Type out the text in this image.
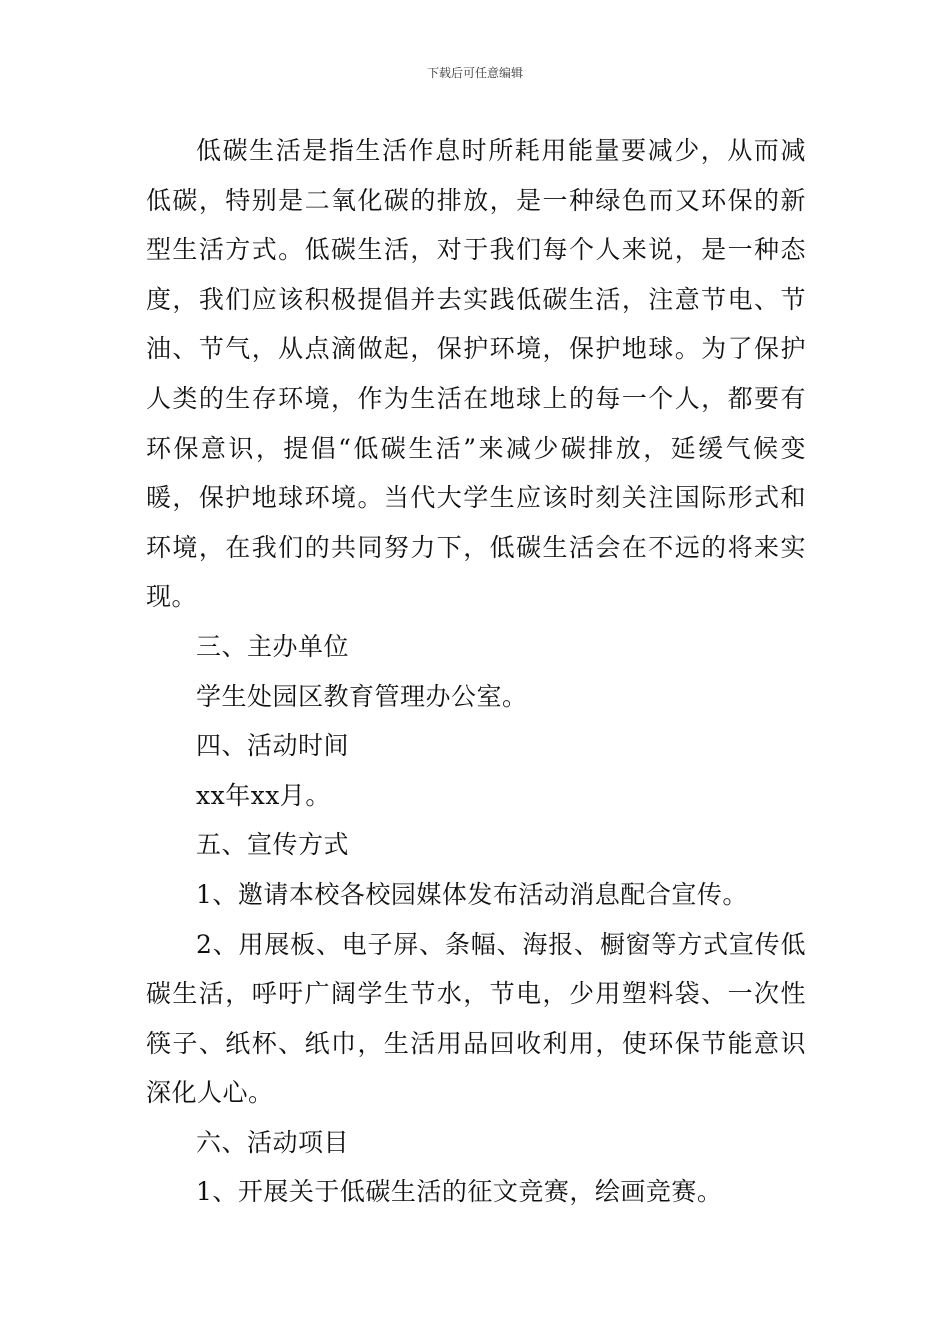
下载后可任意编辑

低碳生活是指生活作息时所耗用能量要减少，从而减低碳，特别是二氧化碳的排放，是一种绿色而又环保的新型生活方式。低碳生活，对于我们每个人来说，是一种态度，我们应该积极提倡并去实践低碳生活，注意节电、节油、节气，从点滴做起，保护环境，保护地球。为了保护人类的生存环境，作为生活在地球上的每一个人，都要有环保意识，提倡“低碳生活”来减少碳排放，延缓气候变暖，保护地球环境。当代大学生应该时刻关注国际形式和环境，在我们的共同努力下，低碳生活会在不远的将来实现。

三、主办单位

学生处园区教育管理办公室。

四、活动时间

xx年xx月。

五、宣传方式

1、邀请本校各校园媒体发布活动消息配合宣传。

2、用展板、电子屏、条幅、海报、橱窗等方式宣传低碳生活，呼吁广阔学生节水，节电，少用塑料袋、一次性筷子、纸杯、纸巾，生活用品回收利用，使环保节能意识深化人心。

六、活动项目

1、开展关于低碳生活的征文竞赛，绘画竞赛。
